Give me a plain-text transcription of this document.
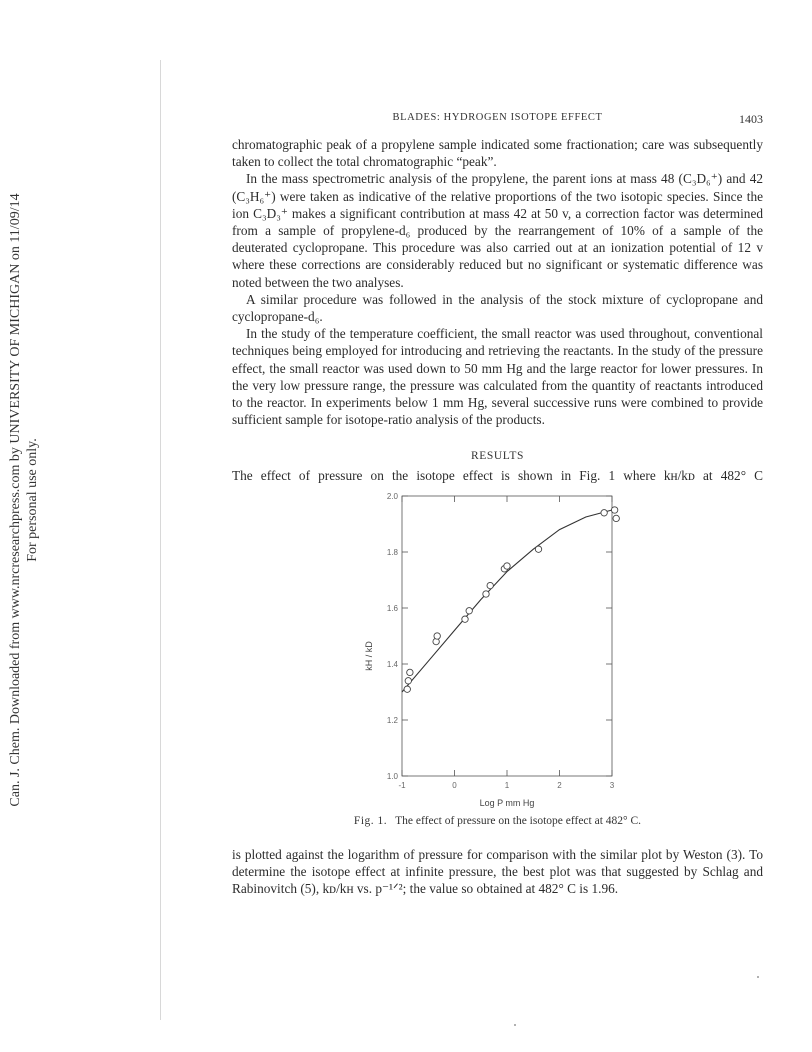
Can. J. Chem. Downloaded from www.nrcresearchpress.com by UNIVERSITY OF MICHIGAN on 11/09/14 For personal use only.
BLADES: HYDROGEN ISOTOPE EFFECT	1403

chromatographic peak of a propylene sample indicated some fractionation; care was subsequently taken to collect the total chromatographic “peak”.

In the mass spectrometric analysis of the propylene, the parent ions at mass 48 (C₃D₆⁺) and 42 (C₃H₆⁺) were taken as indicative of the relative proportions of the two isotopic species. Since the ion C₃D₃⁺ makes a significant contribution at mass 42 at 50 v, a correction factor was determined from a sample of propylene-d₆ produced by the rearrangement of 10% of a sample of the deuterated cyclopropane. This procedure was also carried out at an ionization potential of 12 v where these corrections are considerably reduced but no significant or systematic difference was noted between the two analyses.

A similar procedure was followed in the analysis of the stock mixture of cyclopropane and cyclopropane-d₆.

In the study of the temperature coefficient, the small reactor was used throughout, conventional techniques being employed for introducing and retrieving the reactants. In the study of the pressure effect, the small reactor was used down to 50 mm Hg and the large reactor for lower pressures. In the very low pressure range, the pressure was calculated from the quantity of reactants introduced to the reactor. In experiments below 1 mm Hg, several successive runs were combined to provide sufficient sample for isotope-ratio analysis of the products.

RESULTS
The effect of pressure on the isotope effect is shown in Fig. 1 where kʜ/kᴅ at 482° C
1.0
1.2
1.4
1.6
1.8
2.0
-1	0	1	2	3
Log P mm Hg
kH / kD
Fig. 1. The effect of pressure on the isotope effect at 482° C.

is plotted against the logarithm of pressure for comparison with the similar plot by Weston (3). To determine the isotope effect at infinite pressure, the best plot was that suggested by Schlag and Rabinovitch (5), kᴅ/kʜ vs. p⁻¹ᐟ²; the value so obtained at 482° C is 1.96.
